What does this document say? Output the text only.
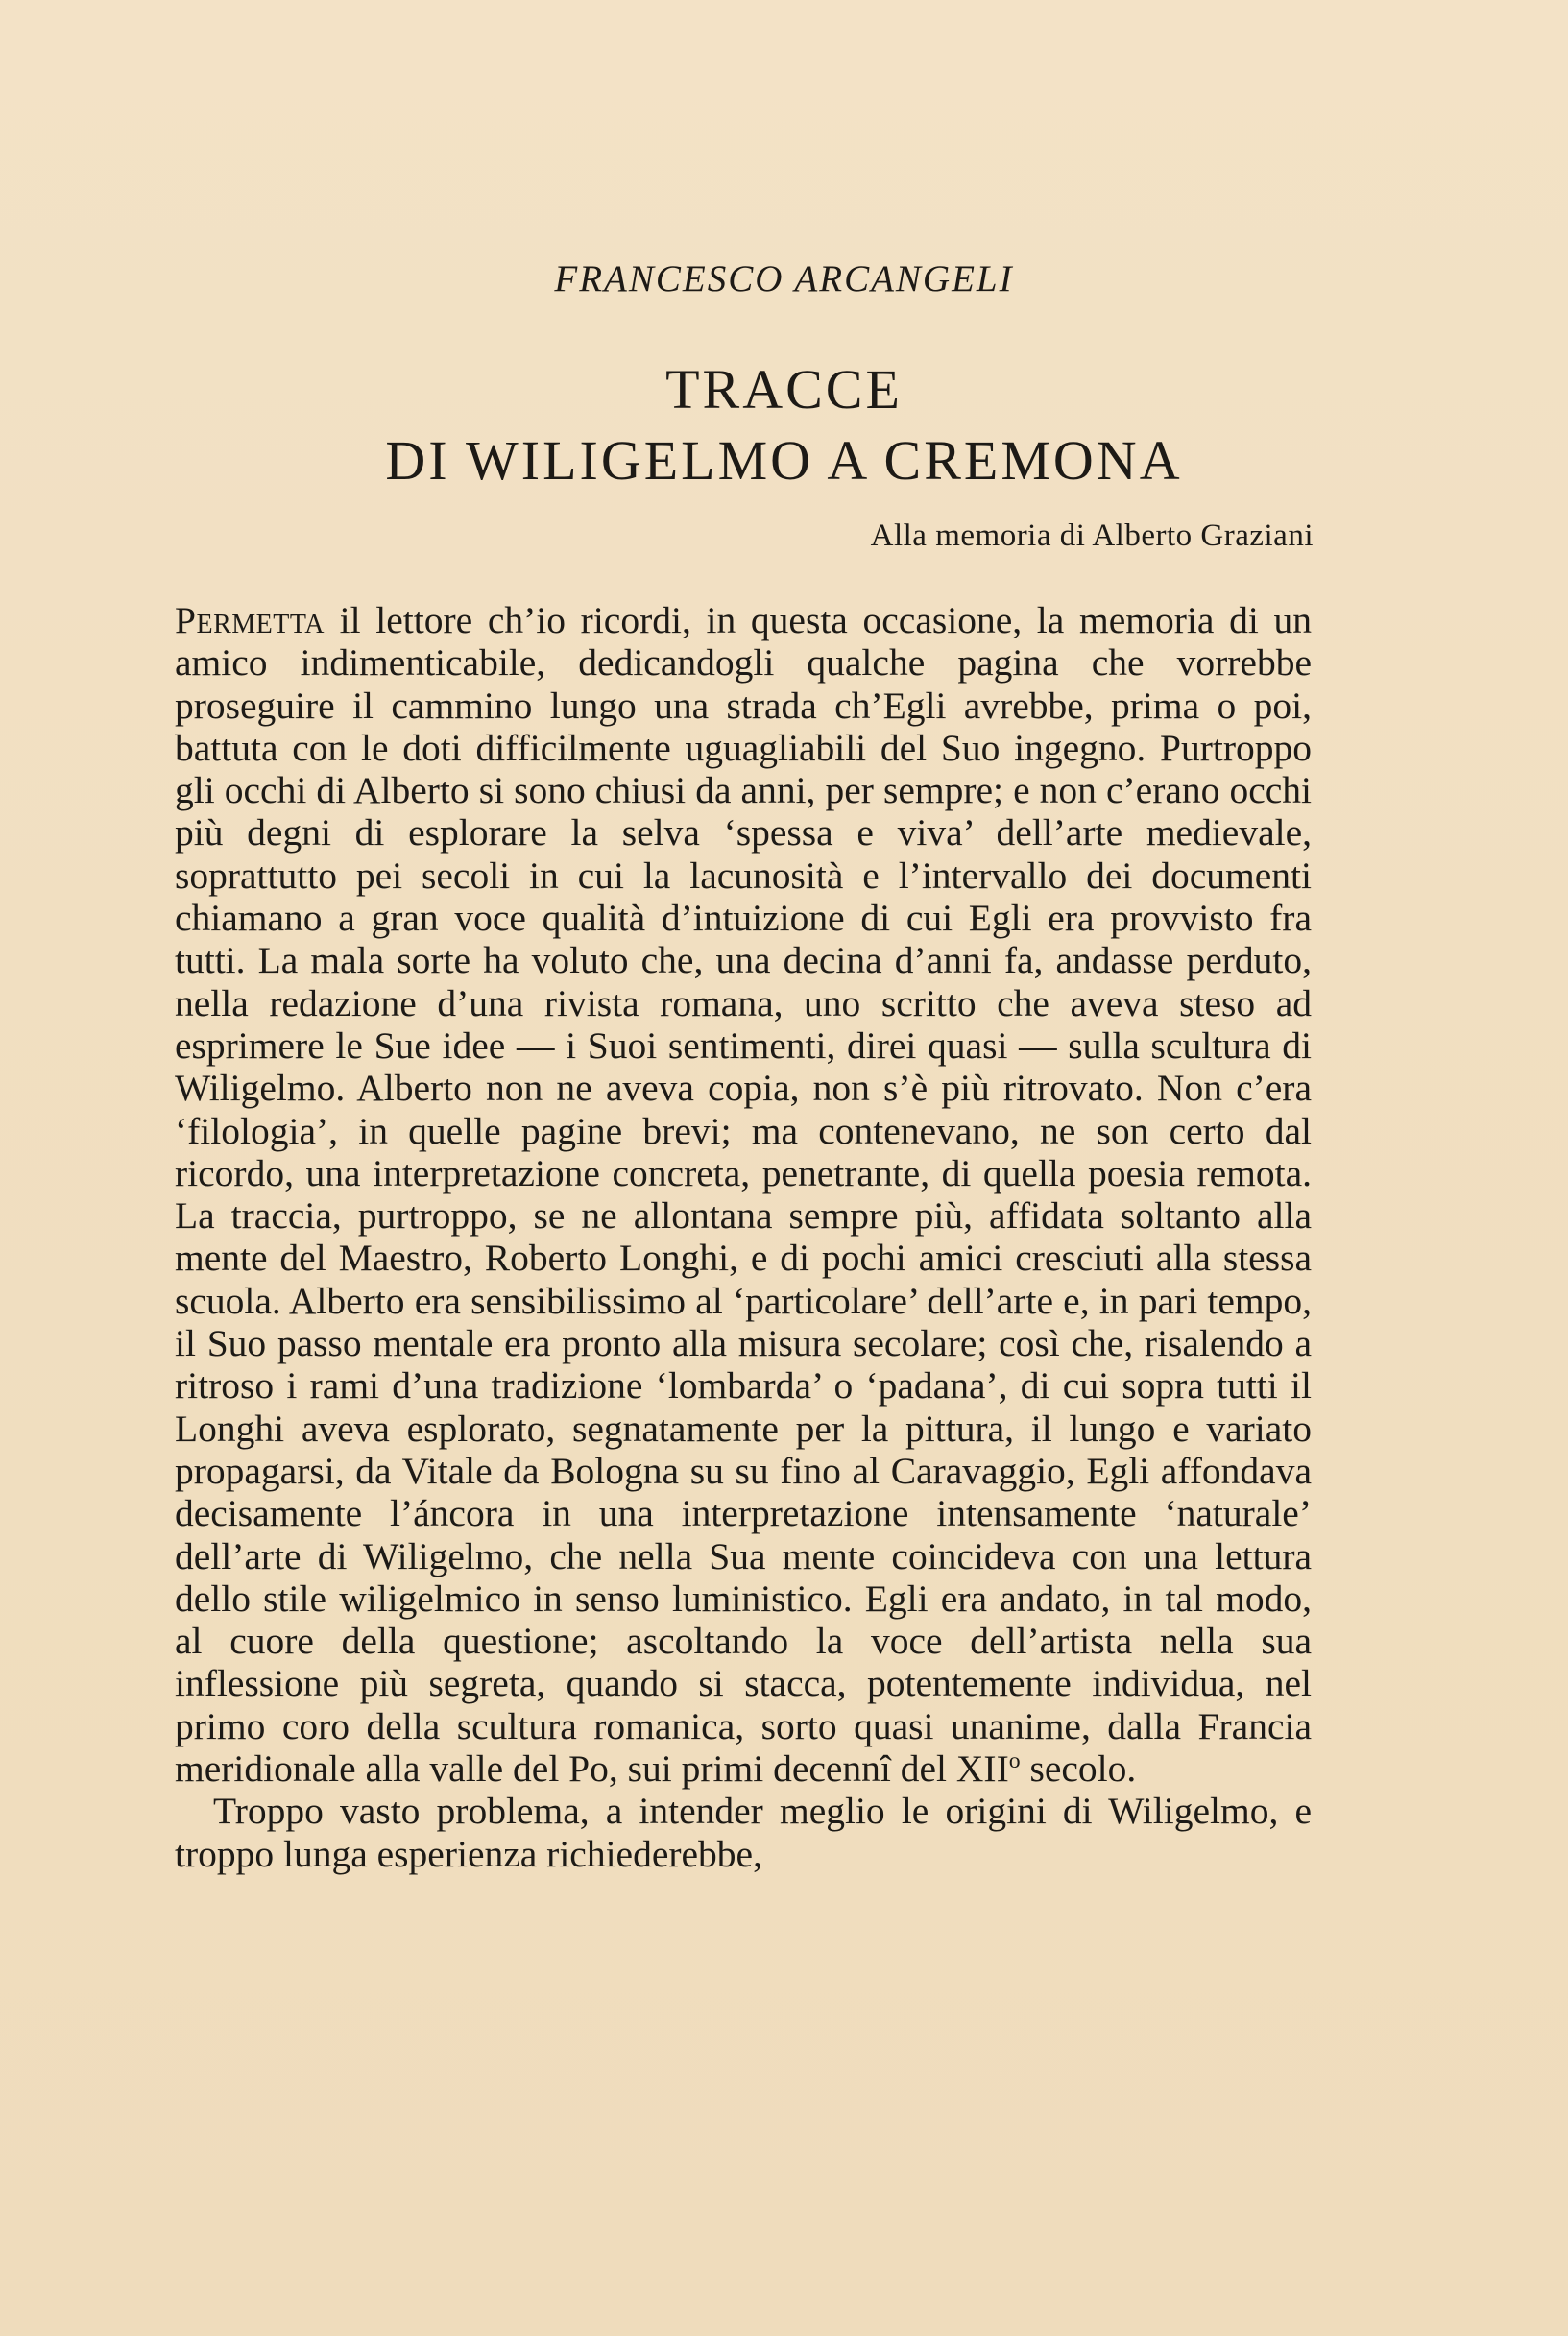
FRANCESCO ARCANGELI
TRACCE
DI WILIGELMO A CREMONA
Alla memoria di Alberto Graziani

Permetta il lettore ch’io ricordi, in questa occasione, la memoria di un amico indimenticabile, dedicandogli qualche pagina che vorrebbe proseguire il cammino lungo una strada ch’Egli avrebbe, prima o poi, battuta con le doti difficilmente uguagliabili del Suo ingegno. Purtroppo gli occhi di Alberto si sono chiusi da anni, per sempre; e non c’erano occhi più degni di esplorare la selva ‘spessa e viva’ dell’arte medievale, soprattutto pei secoli in cui la lacunosità e l’intervallo dei documenti chiamano a gran voce qualità d’intuizione di cui Egli era provvisto fra tutti. La mala sorte ha voluto che, una decina d’anni fa, andasse perduto, nella redazione d’una rivista romana, uno scritto che aveva steso ad esprimere le Sue idee — i Suoi sentimenti, direi quasi — sulla scultura di Wiligelmo. Alberto non ne aveva copia, non s’è più ritrovato. Non c’era ‘filologia’, in quelle pagine brevi; ma contenevano, ne son certo dal ricordo, una interpretazione concreta, penetrante, di quella poesia remota. La traccia, purtroppo, se ne allontana sempre più, affidata soltanto alla mente del Maestro, Roberto Longhi, e di pochi amici cresciuti alla stessa scuola. Alberto era sensibilissimo al ‘particolare’ dell’arte e, in pari tempo, il Suo passo mentale era pronto alla misura secolare; così che, risalendo a ritroso i rami d’una tradizione ‘lombarda’ o ‘padana’, di cui sopra tutti il Longhi aveva esplorato, segnatamente per la pittura, il lungo e variato propagarsi, da Vitale da Bologna su su fino al Caravaggio, Egli affondava decisamente l’áncora in una interpretazione intensamente ‘naturale’ dell’arte di Wiligelmo, che nella Sua mente coincideva con una lettura dello stile wiligelmico in senso luministico. Egli era andato, in tal modo, al cuore della questione; ascoltando la voce dell’artista nella sua inflessione più segreta, quando si stacca, potentemente individua, nel primo coro della scultura romanica, sorto quasi unanime, dalla Francia meridionale alla valle del Po, sui primi decennî del XII$^o$ secolo.

Troppo vasto problema, a intender meglio le origini di Wiligelmo, e troppo lunga esperienza richiederebbe,
